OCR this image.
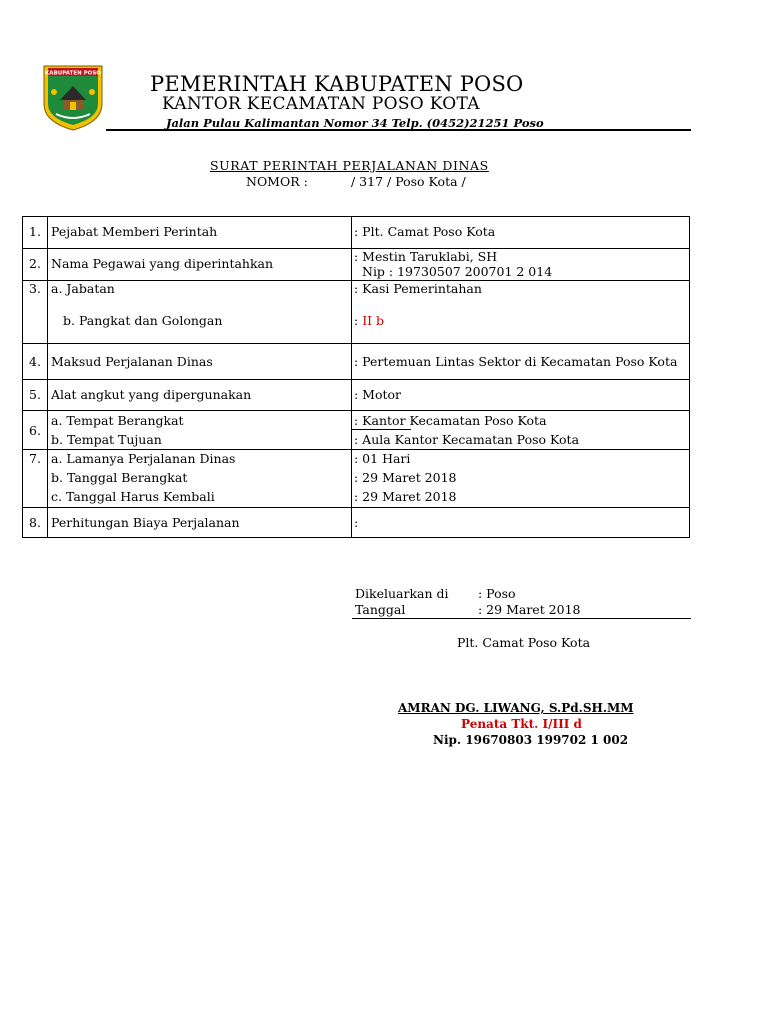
KABUPATEN POSO PEMERINTAH KABUPATEN POSO
KANTOR KECAMATAN POSO KOTA
Jalan Pulau Kalimantan Nomor 34 Telp. (0452)21251 Poso
SURAT PERINTAH PERJALANAN DINAS
NOMOR :	/ 317 / Poso Kota /
1. Pejabat Memberi Perintah	: Plt. Camat Poso Kota
2. Nama Pegawai yang diperintahkan	: Mestin Taruklabi, SH
Nip : 19730507 200701 2 014
3. a. Jabatan	: Kasi Pemerintahan
b. Pangkat dan Golongan	: II b
4. Maksud Perjalanan Dinas	: Pertemuan Lintas Sektor di Kecamatan Poso Kota
5. Alat angkut yang dipergunakan	: Motor
6.
a. Tempat Berangkat	: Kantor Kecamatan Poso Kota
b. Tempat Tujuan	: Aula Kantor Kecamatan Poso Kota
7. a. Lamanya Perjalanan Dinas	: 01 Hari
b. Tanggal Berangkat	: 29 Maret 2018
c. Tanggal Harus Kembali	: 29 Maret 2018
8. Perhitungan Biaya Perjalanan	:
Dikeluarkan di : Poso
Tanggal	: 29 Maret 2018
Plt. Camat Poso Kota
AMRAN DG. LIWANG, S.Pd.SH.MM
Penata Tkt. I/III d
Nip. 19670803 199702 1 002
